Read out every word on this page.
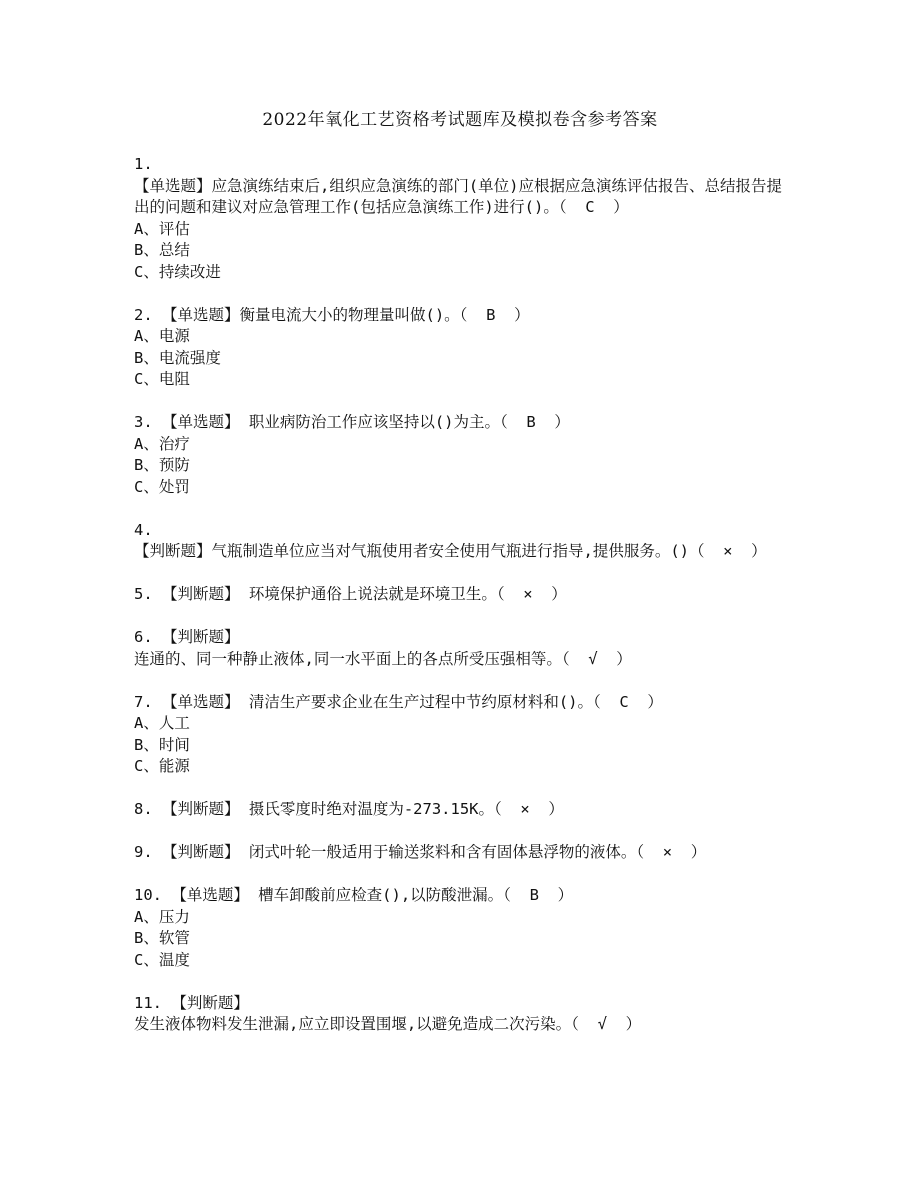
2022年氧化工艺资格考试题库及模拟卷含参考答案
1.
【单选题】应急演练结束后,组织应急演练的部门(单位)应根据应急演练评估报告、总结报告提出的问题和建议对应急管理工作(包括应急演练工作)进行()。（  C  ）
A、评估
B、总结
C、持续改进
2. 【单选题】衡量电流大小的物理量叫做()。（  B  ）
A、电源
B、电流强度
C、电阻
3. 【单选题】 职业病防治工作应该坚持以()为主。（  B  ）
A、治疗
B、预防
C、处罚
4.
【判断题】气瓶制造单位应当对气瓶使用者安全使用气瓶进行指导,提供服务。()（  ×  ）
5. 【判断题】 环境保护通俗上说法就是环境卫生。（  ×  ）
6. 【判断题】
连通的、同一种静止液体,同一水平面上的各点所受压强相等。（  √  ）
7. 【单选题】 清洁生产要求企业在生产过程中节约原材料和()。（  C  ）
A、人工
B、时间
C、能源
8. 【判断题】 摄氏零度时绝对温度为-273.15K。（  ×  ）
9. 【判断题】 闭式叶轮一般适用于输送浆料和含有固体悬浮物的液体。（  ×  ）
10. 【单选题】 槽车卸酸前应检查(),以防酸泄漏。（  B  ）
A、压力
B、软管
C、温度
11. 【判断题】
发生液体物料发生泄漏,应立即设置围堰,以避免造成二次污染。（  √  ）
